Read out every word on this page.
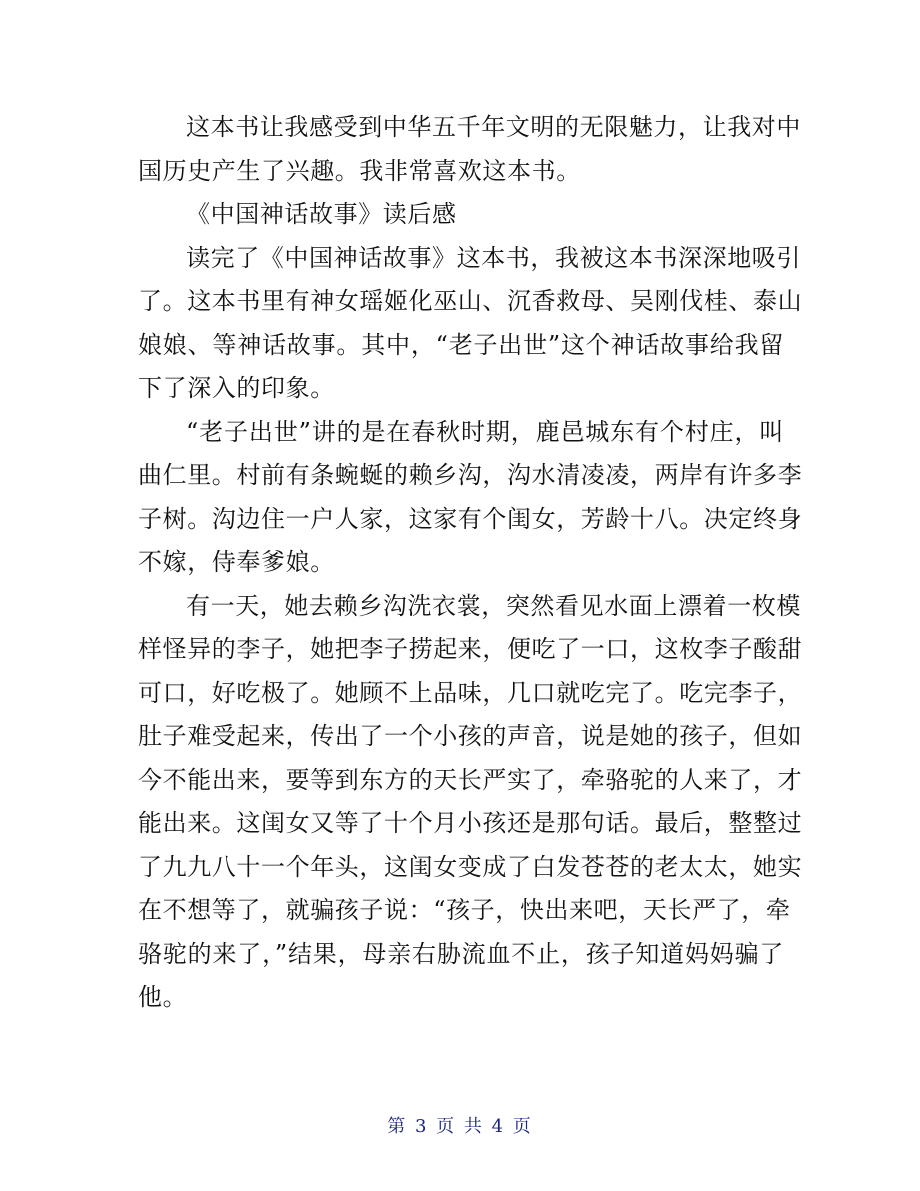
这本书让我感受到中华五千年文明的无限魅力，让我对中
国历史产生了兴趣。我非常喜欢这本书。
《中国神话故事》读后感
读完了《中国神话故事》这本书，我被这本书深深地吸引
了。这本书里有神女瑶姬化巫山、沉香救母、吴刚伐桂、泰山
娘娘、等神话故事。其中，“老子出世”这个神话故事给我留
下了深入的印象。
“老子出世”讲的是在春秋时期，鹿邑城东有个村庄，叫
曲仁里。村前有条蜿蜒的赖乡沟，沟水清凌凌，两岸有许多李
子树。沟边住一户人家，这家有个闺女，芳龄十八。决定终身
不嫁，侍奉爹娘。
有一天，她去赖乡沟洗衣裳，突然看见水面上漂着一枚模
样怪异的李子，她把李子捞起来，便吃了一口，这枚李子酸甜
可口，好吃极了。她顾不上品味，几口就吃完了。吃完李子，
肚子难受起来，传出了一个小孩的声音，说是她的孩子，但如
今不能出来，要等到东方的天长严实了，牵骆驼的人来了，才
能出来。这闺女又等了十个月小孩还是那句话。最后，整整过
了九九八十一个年头，这闺女变成了白发苍苍的老太太，她实
在不想等了，就骗孩子说：“孩子，快出来吧，天长严了，牵
骆驼的来了，”结果，母亲右胁流血不止，孩子知道妈妈骗了
他。
第 3 页 共 4 页
